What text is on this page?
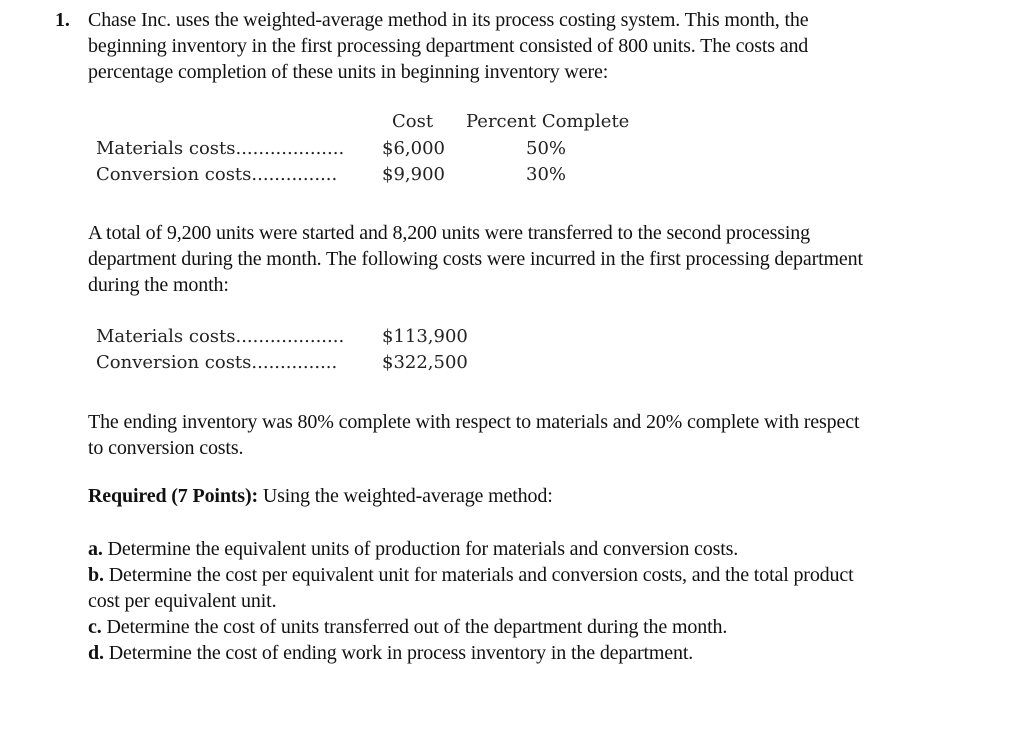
1. Chase Inc. uses the weighted-average method in its process costing system. This month, the
beginning inventory in the first processing department consisted of 800 units. The costs and
percentage completion of these units in beginning inventory were:
Cost Percent Complete
Materials costs................... $6,000	50%
Conversion costs............... $9,900	30%
A total of 9,200 units were started and 8,200 units were transferred to the second processing
department during the month. The following costs were incurred in the first processing department
during the month:
Materials costs................... $113,900
Conversion costs............... $322,500
The ending inventory was 80% complete with respect to materials and 20% complete with respect
to conversion costs.
Required (7 Points): Using the weighted-average method:
a. Determine the equivalent units of production for materials and conversion costs.
b. Determine the cost per equivalent unit for materials and conversion costs, and the total product
cost per equivalent unit.
c. Determine the cost of units transferred out of the department during the month.
d. Determine the cost of ending work in process inventory in the department.
